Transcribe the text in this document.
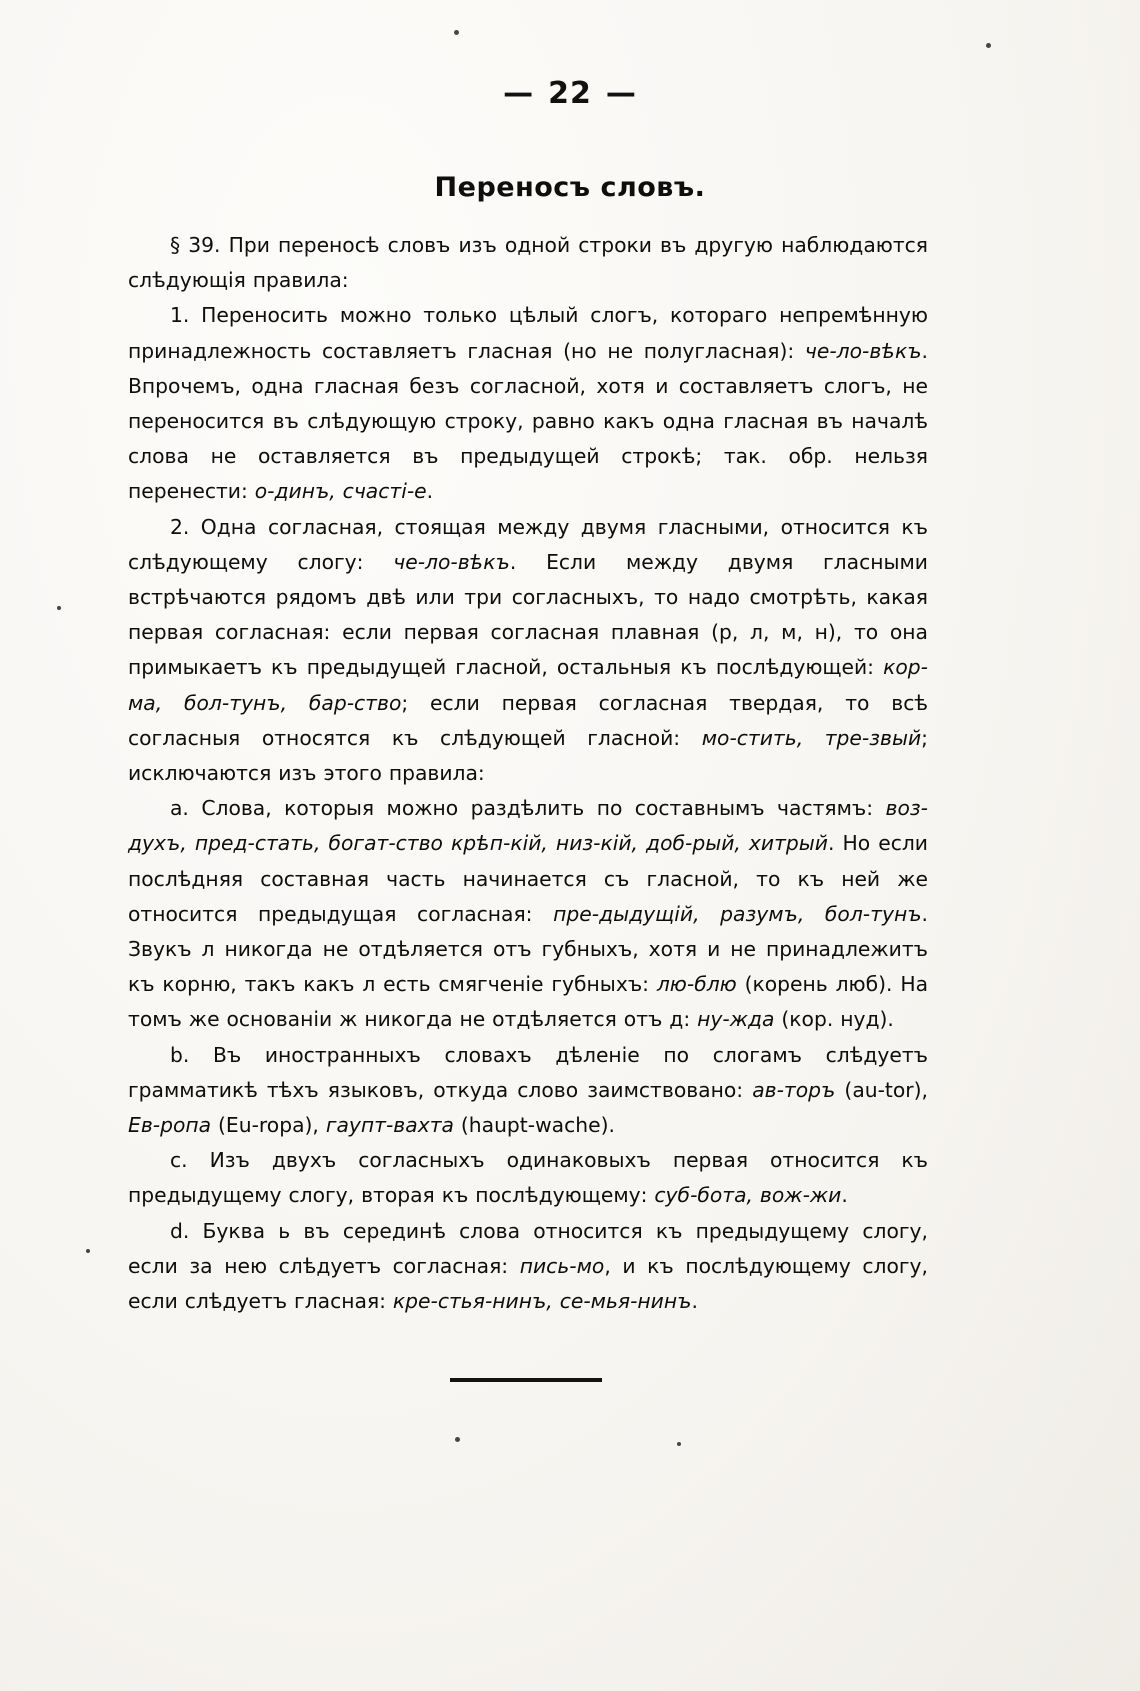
— 22 —
Переносъ словъ.

§ 39. При переносѣ словъ изъ одной строки въ другую наблюдаются слѣдующія правила:

1. Переносить можно только цѣлый слогъ, котораго непремѣнную принадлежность составляетъ гласная (но не полугласная): че-ло-вѣкъ. Впрочемъ, одна гласная безъ согласной, хотя и составляетъ слогъ, не переносится въ слѣдующую строку, равно какъ одна гласная въ началѣ слова не оставляется въ предыдущей строкѣ; так. обр. нельзя перенести: о-динъ, счастi-е.

2. Одна согласная, стоящая между двумя гласными, относится къ слѣдующему слогу: че-ло-вѣкъ. Если между двумя гласными встрѣчаются рядомъ двѣ или три согласныхъ, то надо смотрѣть, какая первая согласная: если первая согласная плавная (р, л, м, н), то она примыкаетъ къ предыдущей гласной, остальныя къ послѣдующей: кор-ма, бол-тунъ, бар-ство; если первая согласная твердая, то всѣ согласныя относятся къ слѣдующей гласной: мо-стить, тре-звый; исключаются изъ этого правила:

a. Слова, которыя можно раздѣлить по составнымъ частямъ: воз-духъ, пред-стать, богат-ство крѣп-кій, низ-кій, доб-рый, хитрый. Но если послѣдняя составная часть начинается съ гласной, то къ ней же относится предыдущая согласная: пре-дыдущій, разумъ, бол-тунъ. Звукъ л никогда не отдѣляется отъ губныхъ, хотя и не принадлежитъ къ корню, такъ какъ л есть смягченіе губныхъ: лю-блю (корень люб). На томъ же основаніи ж никогда не отдѣляется отъ д: ну-жда (кор. нуд).

b. Въ иностранныхъ словахъ дѣленіе по слогамъ слѣдуетъ грамматикѣ тѣхъ языковъ, откуда слово заимствовано: ав-торъ (au-tor), Ев-ропа (Eu-ropa), гаупт-вахта (haupt-wache).

c. Изъ двухъ согласныхъ одинаковыхъ первая относится къ предыдущему слогу, вторая къ послѣдующему: суб-бота, вож-жи.

d. Буква ь въ серединѣ слова относится къ предыдущему слогу, если за нею слѣдуетъ согласная: пись-мо, и къ послѣдующему слогу, если слѣдуетъ гласная: кре-стья-нинъ, се-мья-нинъ.
